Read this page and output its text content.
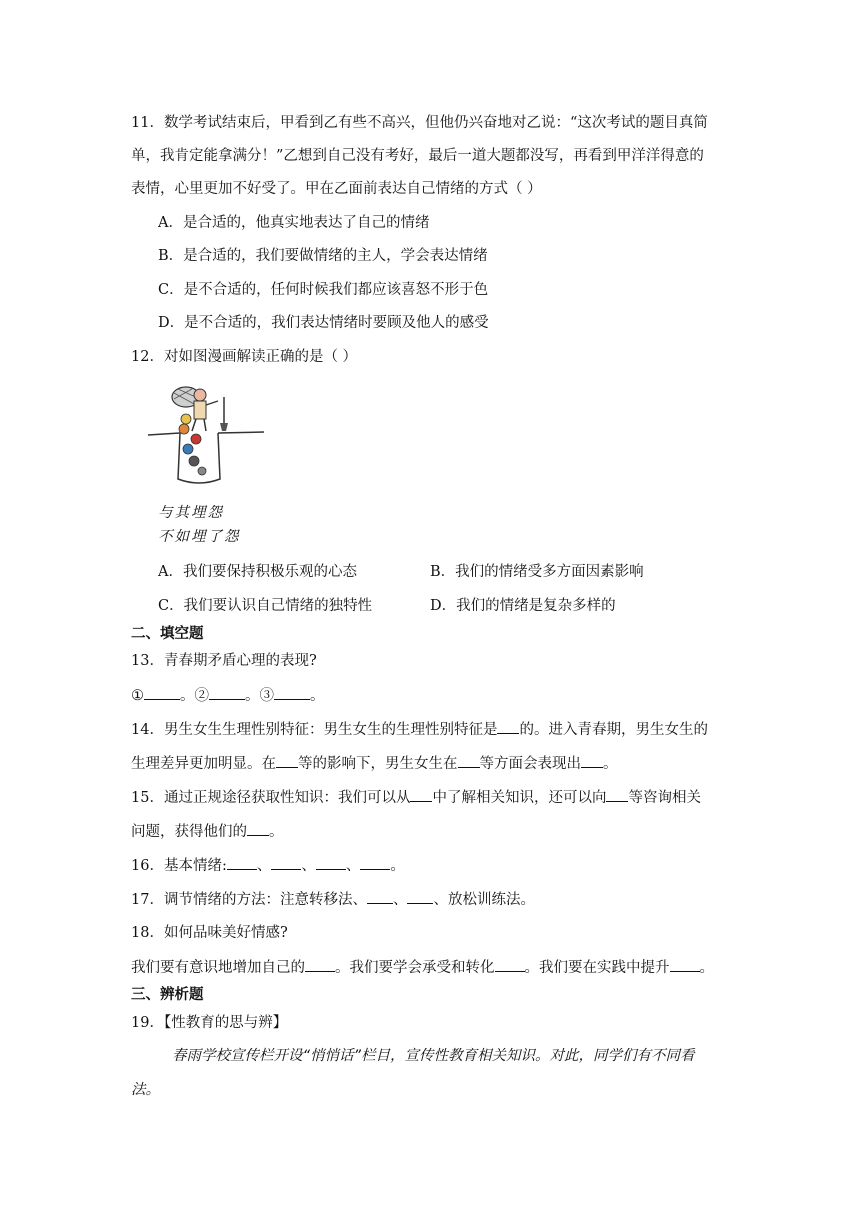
11．数学考试结束后，甲看到乙有些不高兴，但他仍兴奋地对乙说：“这次考试的题目真简
单，我肯定能拿满分！”乙想到自己没有考好，最后一道大题都没写，再看到甲洋洋得意的
表情，心里更加不好受了。甲在乙面前表达自己情绪的方式（ ）
A．是合适的，他真实地表达了自己的情绪
B．是合适的，我们要做情绪的主人，学会表达情绪
C．是不合适的，任何时候我们都应该喜怒不形于色
D．是不合适的，我们表达情绪时要顾及他人的感受
12．对如图漫画解读正确的是（ ）
与其埋怨
不如埋了怨
A．我们要保持积极乐观的心态	B．我们的情绪受多方面因素影响
C．我们要认识自己情绪的独特性	D．我们的情绪是复杂多样的
二、填空题
13．青春期矛盾心理的表现?
① 。② 。③ 。
14．男生女生生理性别特征：男生女生的生理性别特征是 的。进入青春期，男生女生的
生理差异更加明显。在 等的影响下，男生女生在 等方面会表现出 。
15．通过正规途径获取性知识：我们可以从 中了解相关知识，还可以向 等咨询相关
问题，获得他们的 。
16．基本情绪: 、 、 、 。
17．调节情绪的方法：注意转移法、 、 、放松训练法。
18．如何品味美好情感?
我们要有意识地增加自己的 。我们要学会承受和转化 。我们要在实践中提升 。
三、辨析题
19．【性教育的思与辨】
春雨学校宣传栏开设“悄悄话”栏目，宣传性教育相关知识。对此，同学们有不同看
法。
